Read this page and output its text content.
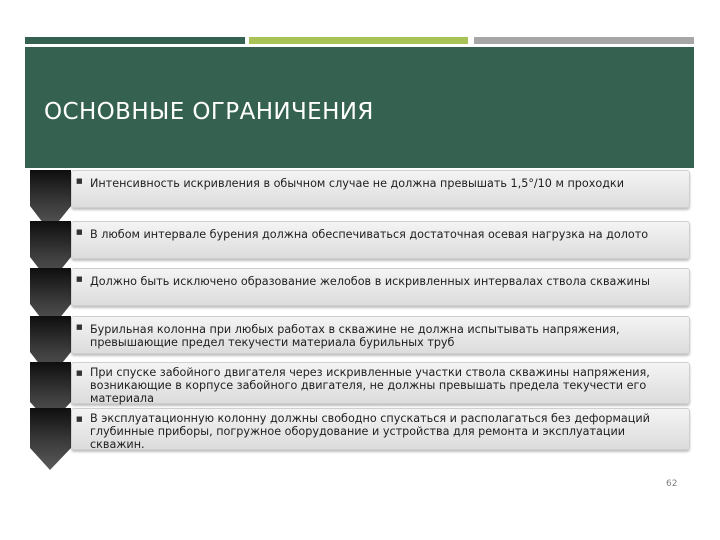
ОСНОВНЫЕ ОГРАНИЧЕНИЯ
■ Интенсивность искривления в обычном случае не должна превышать 1,5°/10 м проходки
■ В любом интервале бурения должна обеспечиваться достаточная осевая нагрузка на долото
■ Должно быть исключено образование желобов в искривленных интервалах ствола скважины
■ Бурильная колонна при любых работах в скважине не должна испытывать напряжения, превышающие предел текучести материала бурильных труб
■ При спуске забойного двигателя через искривленные участки ствола скважины напряжения, возникающие в корпусе забойного двигателя, не должны превышать предела текучести его материала
■ В эксплуатационную колонну должны свободно спускаться и располагаться без деформаций глубинные приборы, погружное оборудование и устройства для ремонта и эксплуатации скважин.
62
